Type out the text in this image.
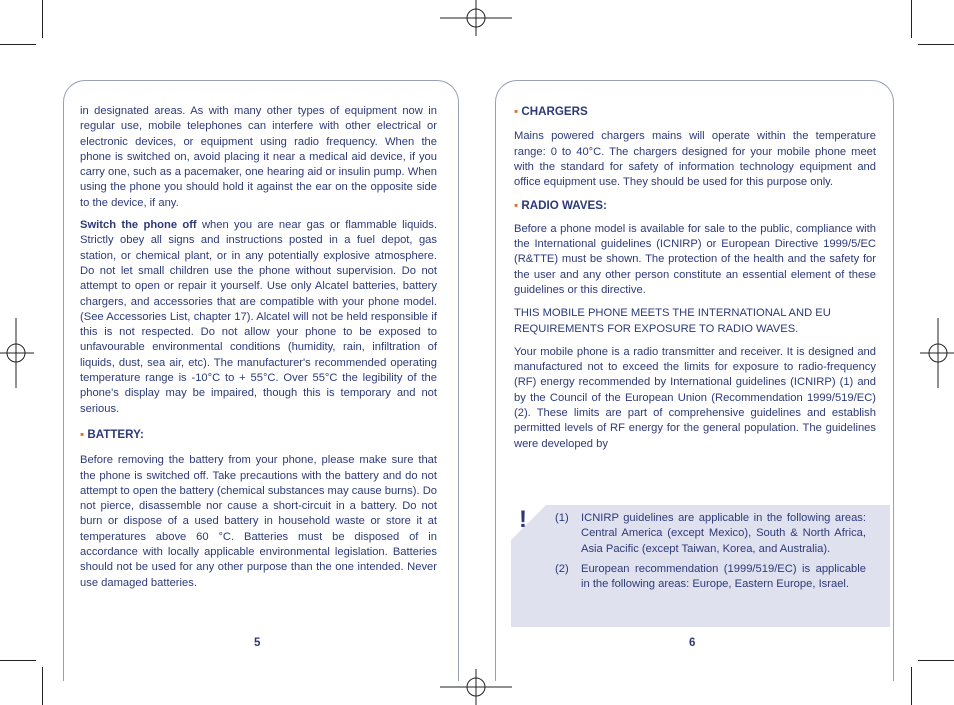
in designated areas. As with many other types of equipment now in regular use, mobile telephones can interfere with other electrical or electronic devices, or equipment using radio frequency. When the phone is switched on, avoid placing it near a medical aid device, if you carry one, such as a pacemaker, one hearing aid or insulin pump. When using the phone you should hold it against the ear on the opposite side to the device, if any.

Switch the phone off when you are near gas or flammable liquids. Strictly obey all signs and instructions posted in a fuel depot, gas station, or chemical plant, or in any potentially explosive atmosphere. Do not let small children use the phone without supervision. Do not attempt to open or repair it yourself. Use only Alcatel batteries, battery chargers, and accessories that are compatible with your phone model. (See Accessories List, chapter 17). Alcatel will not be held responsible if this is not respected. Do not allow your phone to be exposed to unfavourable environmental conditions (humidity, rain, infiltration of liquids, dust, sea air, etc). The manufacturer's recommended operating temperature range is -10°C to + 55°C. Over 55°C the legibility of the phone's display may be impaired, though this is temporary and not serious.

▪ BATTERY:

Before removing the battery from your phone, please make sure that the phone is switched off. Take precautions with the battery and do not attempt to open the battery (chemical substances may cause burns). Do not pierce, disassemble nor cause a short-circuit in a battery. Do not burn or dispose of a used battery in household waste or store it at temperatures above 60 °C. Batteries must be disposed of in accordance with locally applicable environmental legislation. Batteries should not be used for any other purpose than the one intended. Never use damaged batteries.

5
▪ CHARGERS

Mains powered chargers mains will operate within the temperature range: 0 to 40°C. The chargers designed for your mobile phone meet with the standard for safety of information technology equipment and office equipment use. They should be used for this purpose only.

▪ RADIO WAVES:

Before a phone model is available for sale to the public, compliance with the International guidelines (ICNIRP) or European Directive 1999/5/EC (R&TTE) must be shown. The protection of the health and the safety for the user and any other person constitute an essential element of these guidelines or this directive.

THIS MOBILE PHONE MEETS THE INTERNATIONAL AND EU REQUIREMENTS FOR EXPOSURE TO RADIO WAVES.

Your mobile phone is a radio transmitter and receiver. It is designed and manufactured not to exceed the limits for exposure to radio-frequency (RF) energy recommended by International guidelines (ICNIRP) (1) and by the Council of the European Union (Recommendation 1999/519/EC) (2). These limits are part of comprehensive guidelines and establish permitted levels of RF energy for the general population. The guidelines were developed by

!	(1)	ICNIRP guidelines are applicable in the following areas: Central America (except Mexico), South & North Africa, Asia Pacific (except Taiwan, Korea, and Australia).
(2)	European recommendation (1999/519/EC) is applicable in the following areas: Europe, Eastern Europe, Israel.
6
